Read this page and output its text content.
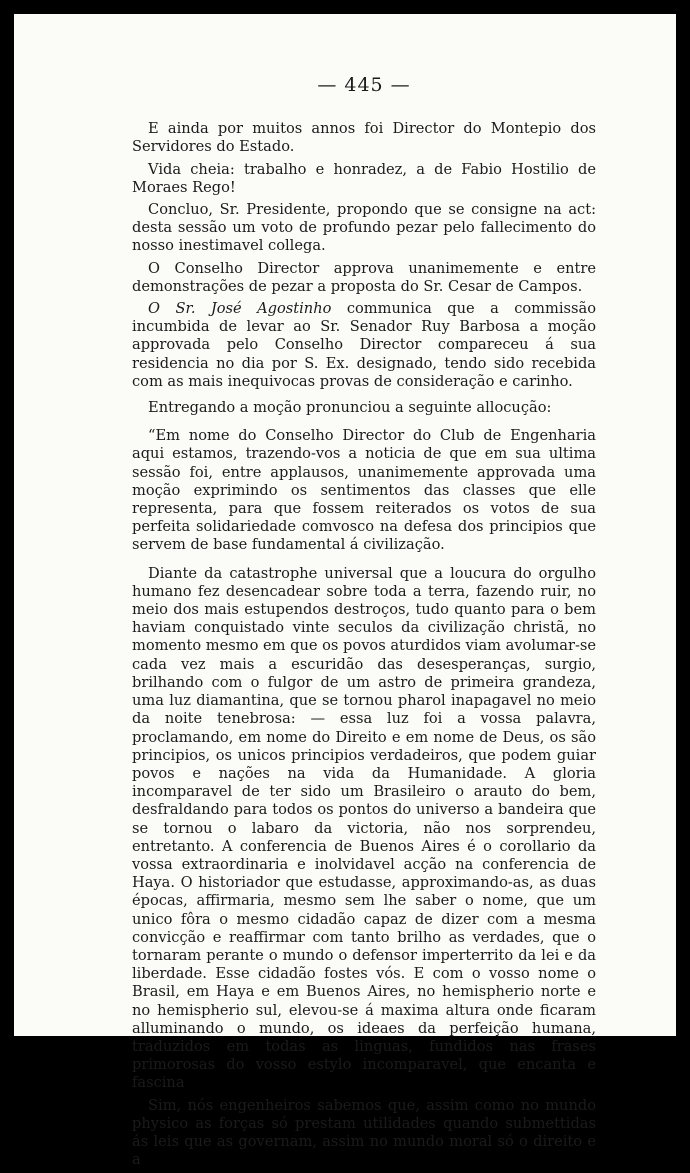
— 445 —

E ainda por muitos annos foi Director do Montepio dos Servidores do Estado.

Vida cheia: trabalho e honradez, a de Fabio Hostilio de Moraes Rego!

Concluo, Sr. Presidente, propondo que se consigne na act: desta sessão um voto de profundo pezar pelo fallecimento do nosso inestimavel collega.

O Conselho Director approva unanimemente e entre demonstrações de pezar a proposta do Sr. Cesar de Campos.

O Sr. José Agostinho communica que a commissão incumbida de levar ao Sr. Senador Ruy Barbosa a moção approvada pelo Conselho Director compareceu á sua residencia no dia por S. Ex. designado, tendo sido recebida com as mais inequivocas provas de consideração e carinho.

Entregando a moção pronunciou a seguinte allocução:

“Em nome do Conselho Director do Club de Engenharia aqui estamos, trazendo-vos a noticia de que em sua ultima sessão foi, entre applausos, unanimemente approvada uma moção exprimindo os sentimentos das classes que elle representa, para que fossem reiterados os votos de sua perfeita solidariedade comvosco na defesa dos principios que servem de base fundamental á civilização.

Diante da catastrophe universal que a loucura do orgulho humano fez desencadear sobre toda a terra, fazendo ruir, no meio dos mais estupendos destroços, tudo quanto para o bem haviam conquistado vinte seculos da civilização christã, no momento mesmo em que os povos aturdidos viam avolumar-se cada vez mais a escuridão das desesperanças, surgio, brilhando com o fulgor de um astro de primeira grandeza, uma luz diamantina, que se tornou pharol inapagavel no meio da noite tenebrosa: — essa luz foi a vossa palavra, proclamando, em nome do Direito e em nome de Deus, os são principios, os unicos principios verdadeiros, que podem guiar povos e nações na vida da Humanidade. A gloria incomparavel de ter sido um Brasileiro o arauto do bem, desfraldando para todos os pontos do universo a bandeira que se tornou o labaro da victoria, não nos sorprendeu, entretanto. A conferencia de Buenos Aires é o corollario da vossa extraordinaria e inolvidavel acção na conferencia de Haya. O historiador que estudasse, approximando-as, as duas épocas, affirmaria, mesmo sem lhe saber o nome, que um unico fôra o mesmo cidadão capaz de dizer com a mesma convicção e reaffirmar com tanto brilho as verdades, que o tornaram perante o mundo o defensor imperterrito da lei e da liberdade. Esse cidadão fostes vós. E com o vosso nome o Brasil, em Haya e em Buenos Aires, no hemispherio norte e no hemispherio sul, elevou-se á maxima altura onde ficaram alluminando o mundo, os ideaes da perfeição humana, traduzidos em todas as linguas, fundidos nas frases primorosas do vosso estylo incomparavel, que encanta e fascina

Sim, nós engenheiros sabemos que, assim como no mundo physico as forças só prestam utilidades quando submettidas ás leis que as governam, assim no mundo moral só o direito e a
